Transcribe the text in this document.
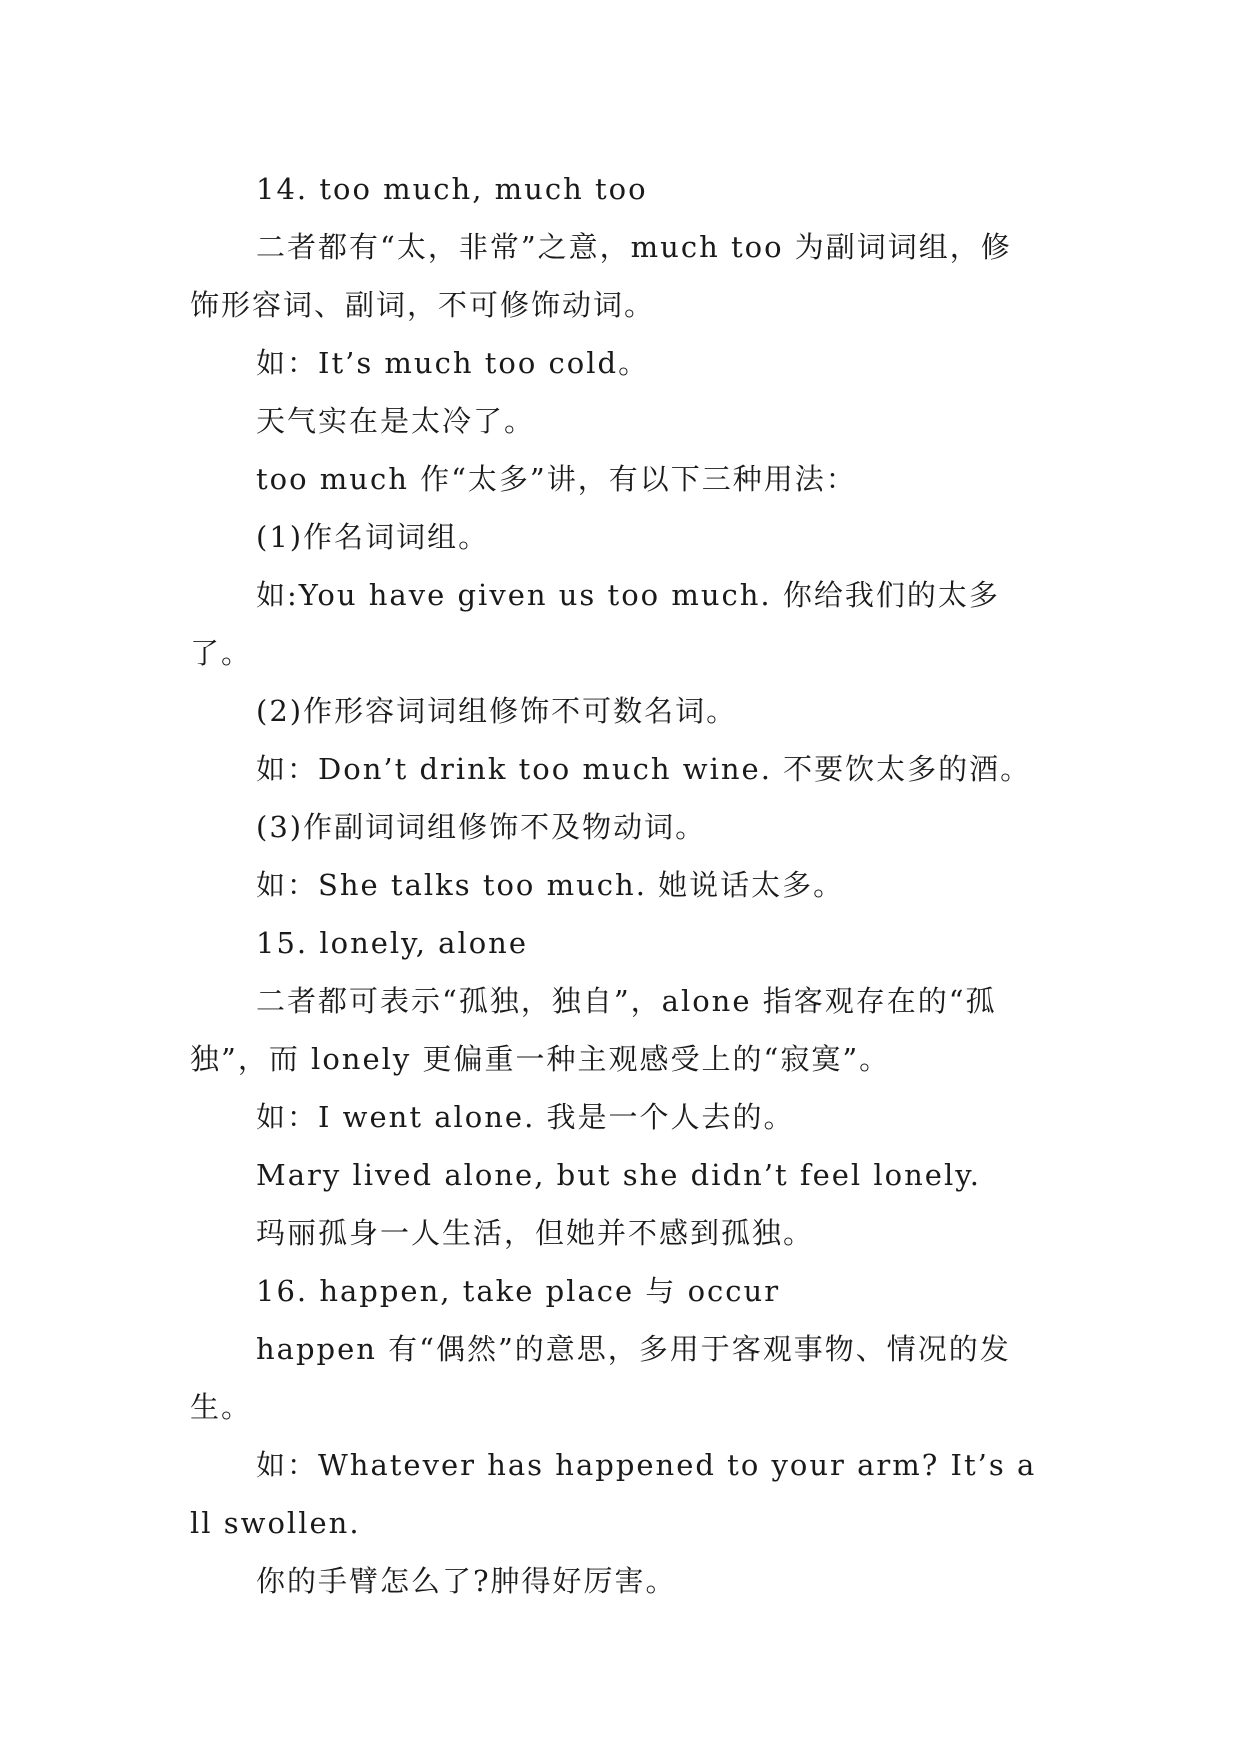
14. too much, much too

二者都有“太，非常”之意，much too 为副词词组，修饰形容词、副词，不可修饰动词。

如：It’s much too cold。

天气实在是太冷了。

too much 作“太多”讲，有以下三种用法：

(1)作名词词组。

如:You have given us too much. 你给我们的太多了。

(2)作形容词词组修饰不可数名词。

如：Don’t drink too much wine. 不要饮太多的酒。

(3)作副词词组修饰不及物动词。

如：She talks too much. 她说话太多。

15. lonely, alone

二者都可表示“孤独，独自”，alone 指客观存在的“孤独”，而 lonely 更偏重一种主观感受上的“寂寞”。

如：I went alone. 我是一个人去的。

Mary lived alone, but she didn’t feel lonely.

玛丽孤身一人生活，但她并不感到孤独。

16. happen, take place 与 occur

happen 有“偶然”的意思，多用于客观事物、情况的发生。

如：Whatever has happened to your arm? It’s all swollen.

你的手臂怎么了?肿得好厉害。
